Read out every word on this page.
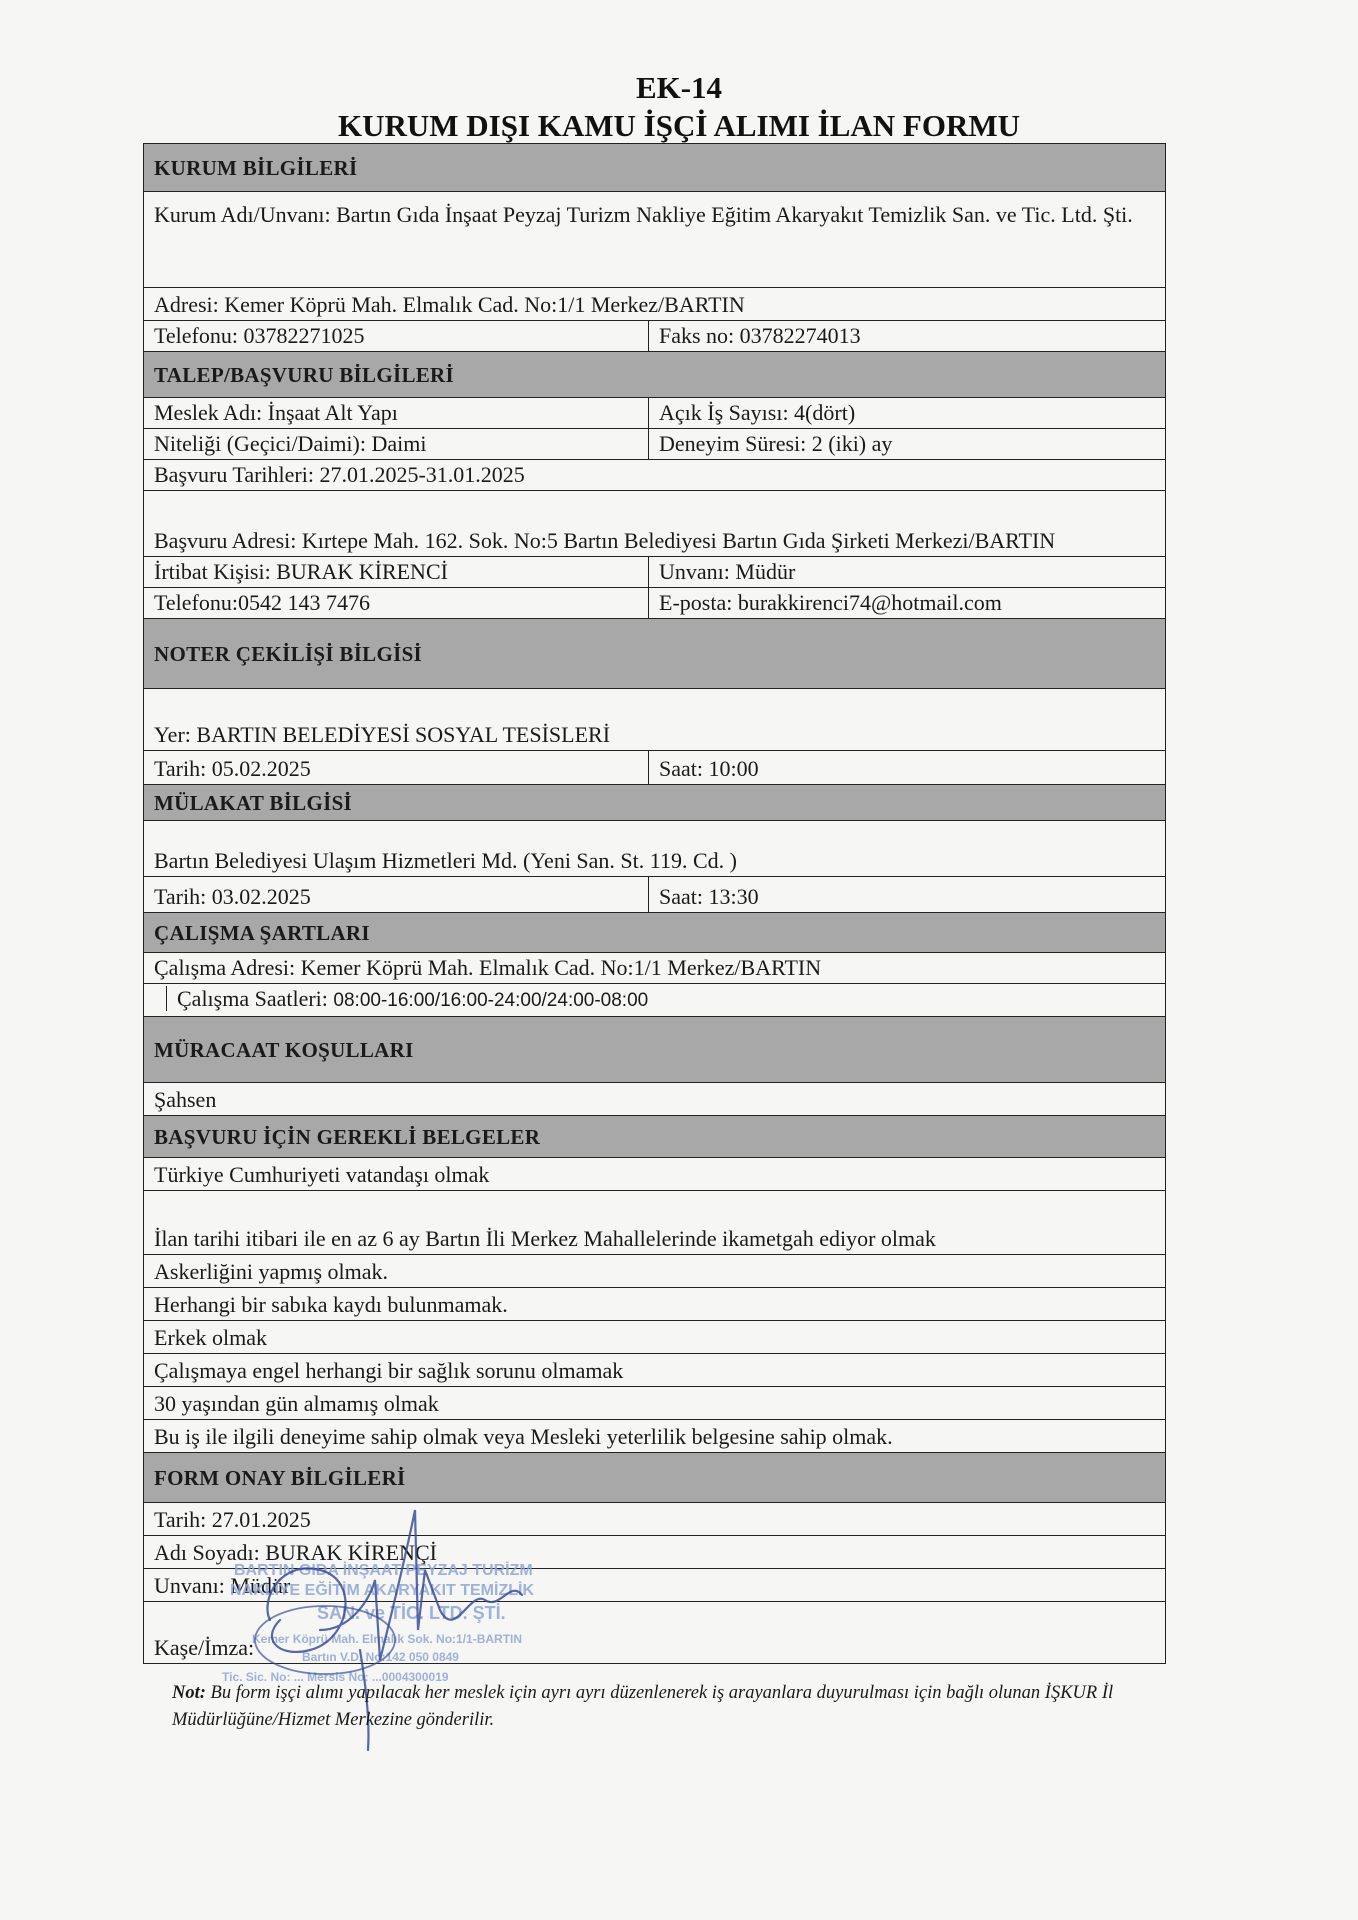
EK-14
KURUM DIŞI KAMU İŞÇİ ALIMI İLAN FORMU
KURUM BİLGİLERİ	
Kurum Adı/Unvanı: Bartın Gıda İnşaat Peyzaj Turizm Nakliye Eğitim Akaryakıt Temizlik San. ve Tic. Ltd. Şti.	
Adresi: Kemer Köprü Mah. Elmalık Cad. No:1/1 Merkez/BARTIN	
Telefonu: 03782271025	Faks no: 03782274013
TALEP/BAŞVURU BİLGİLERİ	
Meslek Adı: İnşaat Alt Yapı	Açık İş Sayısı: 4(dört)
Niteliği (Geçici/Daimi): Daimi	Deneyim Süresi: 2 (iki) ay
Başvuru Tarihleri: 27.01.2025-31.01.2025	
Başvuru Adresi: Kırtepe Mah. 162. Sok. No:5 Bartın Belediyesi Bartın Gıda Şirketi Merkezi/BARTIN	
İrtibat Kişisi: BURAK KİRENCİ	Unvanı: Müdür
Telefonu:0542 143 7476	E-posta: burakkirenci74@hotmail.com
NOTER ÇEKİLİŞİ BİLGİSİ	
Yer: BARTIN BELEDİYESİ SOSYAL TESİSLERİ	
Tarih: 05.02.2025	Saat: 10:00
MÜLAKAT BİLGİSİ	
Bartın Belediyesi Ulaşım Hizmetleri Md. (Yeni San. St. 119. Cd. )	
Tarih: 03.02.2025	Saat: 13:30
ÇALIŞMA ŞARTLARI	
Çalışma Adresi: Kemer Köprü Mah. Elmalık Cad. No:1/1 Merkez/BARTIN	
Çalışma Saatleri: 08:00-16:00/16:00-24:00/24:00-08:00	
MÜRACAAT KOŞULLARI	
Şahsen	
BAŞVURU İÇİN GEREKLİ BELGELER	
Türkiye Cumhuriyeti vatandaşı olmak	
İlan tarihi itibari ile en az 6 ay Bartın İli Merkez Mahallelerinde ikametgah ediyor olmak	
Askerliğini yapmış olmak.	
Herhangi bir sabıka kaydı bulunmamak.	
Erkek olmak	
Çalışmaya engel herhangi bir sağlık sorunu olmamak	
30 yaşından gün almamış olmak	
Bu iş ile ilgili deneyime sahip olmak veya Mesleki yeterlilik belgesine sahip olmak.	
FORM ONAY BİLGİLERİ	
Tarih: 27.01.2025	
Adı Soyadı: BURAK KİRENÇİ	
Unvanı: Müdür	
Kaşe/İmza:	
BARTIN GIDA İNŞAAT PEYZAJ TURİZM
NAKLİYE EĞİTİM AKARYAKIT TEMİZLİK
SAN. ve TİC. LTD. ŞTİ.
Kemer Köprü Mah. Elmalık Sok. No:1/1-BARTIN
Bartın V.D. No:142 050 0849
Tic. Sic. No: ... Mersis No: ...0004300019
Not: Bu form işçi alımı yapılacak her meslek için ayrı ayrı düzenlenerek iş arayanlara duyurulması için bağlı olunan İŞKUR İl Müdürlüğüne/Hizmet Merkezine gönderilir.
